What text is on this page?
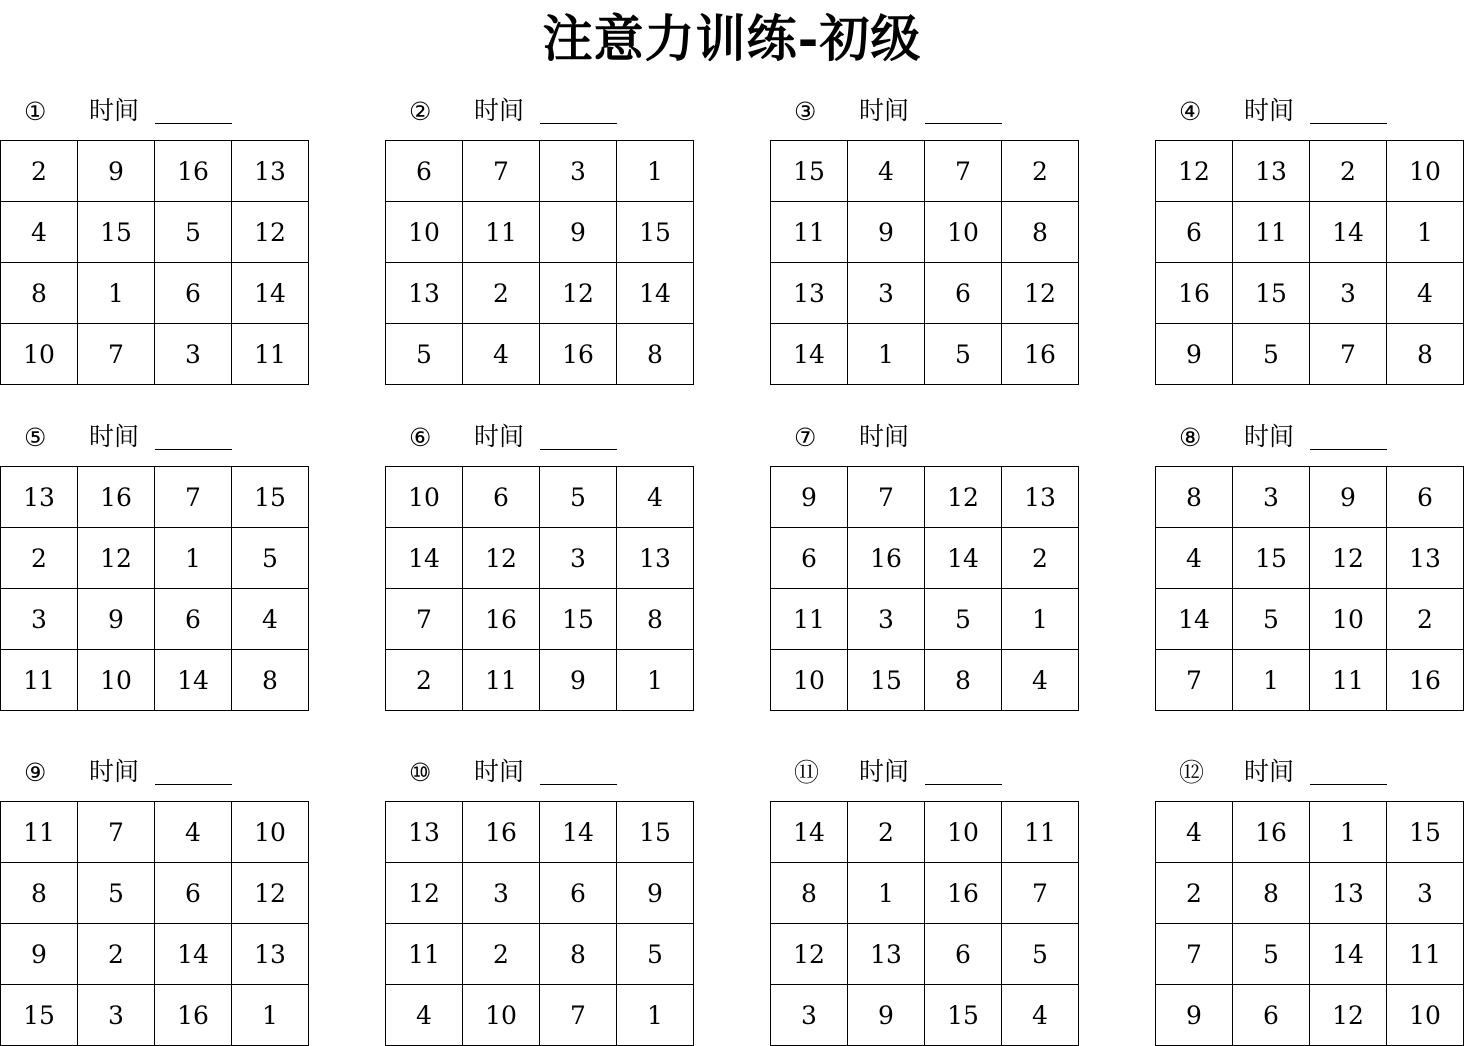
注意力训练-初级
① 时间
2	9	16	13
4	15	5	12
8	1	6	14
10	7	3	11
② 时间
6	7	3	1
10	11	9	15
13	2	12	14
5	4	16	8
③ 时间
15	4	7	2
11	9	10	8
13	3	6	12
14	1	5	16
④ 时间
12	13	2	10
6	11	14	1
16	15	3	4
9	5	7	8
⑤ 时间
13	16	7	15
2	12	1	5
3	9	6	4
11	10	14	8
⑥ 时间
10	6	5	4
14	12	3	13
7	16	15	8
2	11	9	1
⑦ 时间
9	7	12	13
6	16	14	2
11	3	5	1
10	15	8	4
⑧ 时间
8	3	9	6
4	15	12	13
14	5	10	2
7	1	11	16
⑨ 时间
11	7	4	10
8	5	6	12
9	2	14	13
15	3	16	1
⑩ 时间
13	16	14	15
12	3	6	9
11	2	8	5
4	10	7	1
⑪ 时间
14	2	10	11
8	1	16	7
12	13	6	5
3	9	15	4
⑫ 时间
4	16	1	15
2	8	13	3
7	5	14	11
9	6	12	10
